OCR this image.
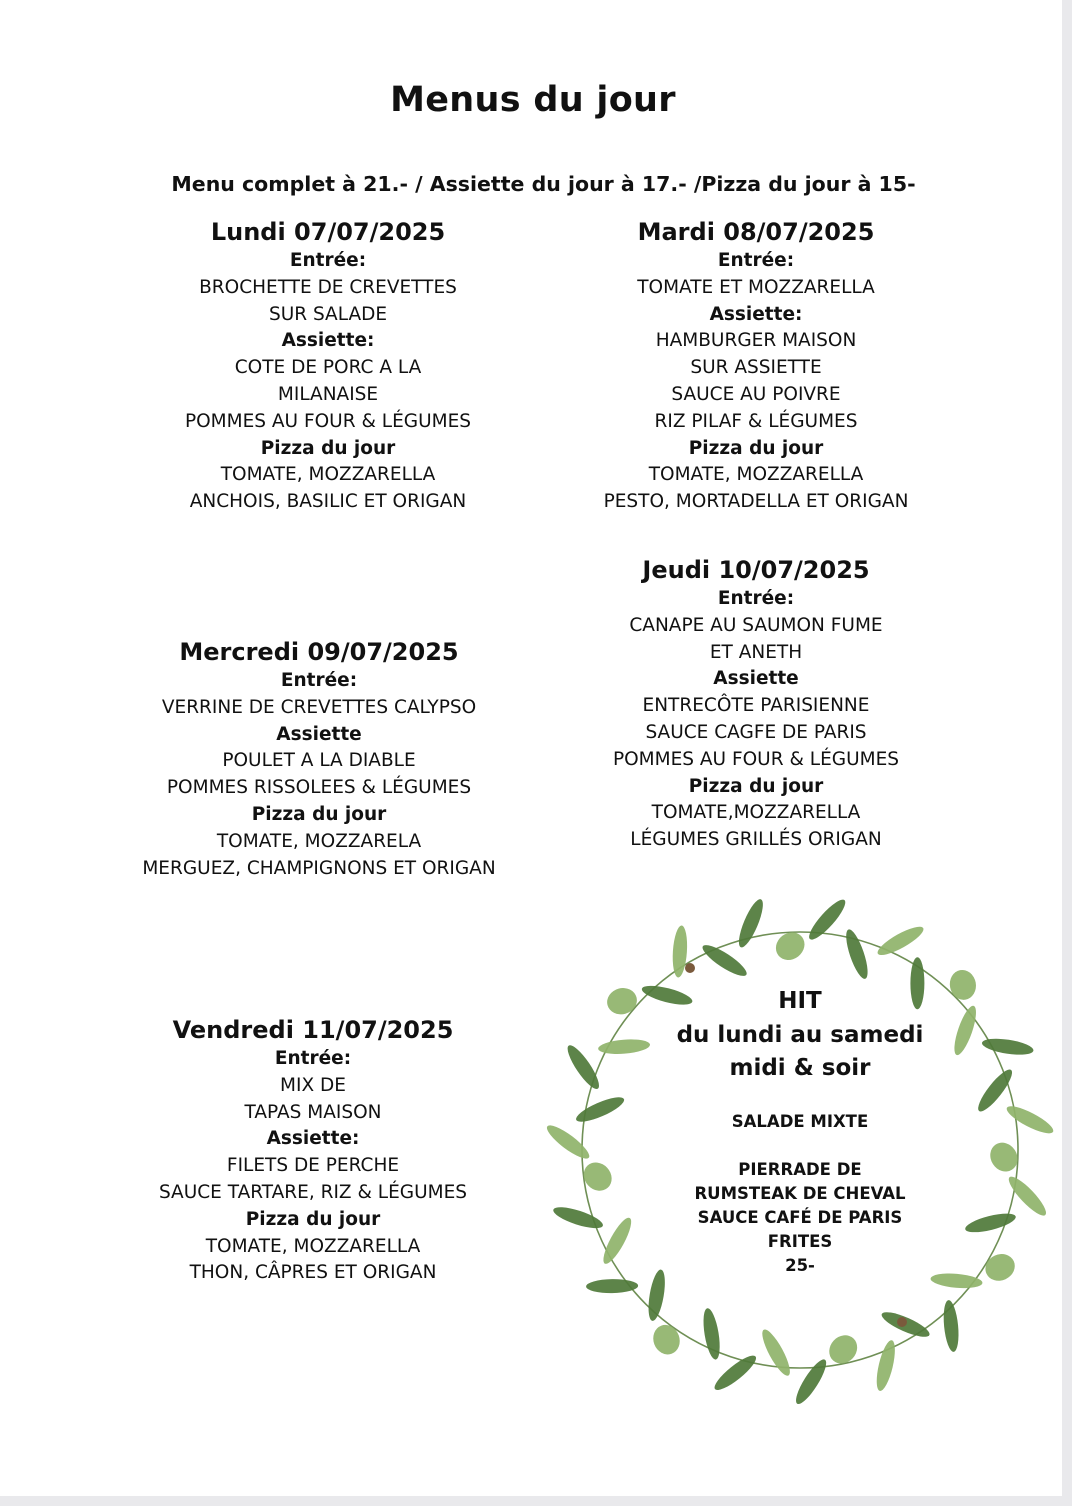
Menus du jour
Menu complet à 21.- / Assiette du jour à 17.- /Pizza du jour à 15-
Lundi 07/07/2025
Entrée:
BROCHETTE DE CREVETTES
SUR SALADE
Assiette:
COTE DE PORC A LA
MILANAISE
POMMES AU FOUR & LÉGUMES
Pizza du jour
TOMATE, MOZZARELLA
ANCHOIS, BASILIC ET ORIGAN
Mardi 08/07/2025
Entrée:
TOMATE ET MOZZARELLA
Assiette:
HAMBURGER MAISON
SUR ASSIETTE
SAUCE AU POIVRE
RIZ PILAF & LÉGUMES
Pizza du jour
TOMATE, MOZZARELLA
PESTO, MORTADELLA ET ORIGAN
Jeudi 10/07/2025
Entrée:
CANAPE AU SAUMON FUME
ET ANETH
Assiette
ENTRECÔTE PARISIENNE
SAUCE CAGFE DE PARIS
POMMES AU FOUR & LÉGUMES
Pizza du jour
TOMATE,MOZZARELLA
LÉGUMES GRILLÉS ORIGAN
Mercredi 09/07/2025
Entrée:
VERRINE DE CREVETTES CALYPSO
Assiette
POULET A LA DIABLE
POMMES RISSOLEES & LÉGUMES
Pizza du jour
TOMATE, MOZZARELA
MERGUEZ, CHAMPIGNONS ET ORIGAN
Vendredi 11/07/2025
Entrée:
MIX DE
TAPAS MAISON
Assiette:
FILETS DE PERCHE
SAUCE TARTARE, RIZ & LÉGUMES
Pizza du jour
TOMATE, MOZZARELLA
THON, CÂPRES ET ORIGAN
HIT
du lundi au samedi
midi & soir
SALADE MIXTE
PIERRADE DE
RUMSTEAK DE CHEVAL
SAUCE CAFÉ DE PARIS
FRITES
25-
